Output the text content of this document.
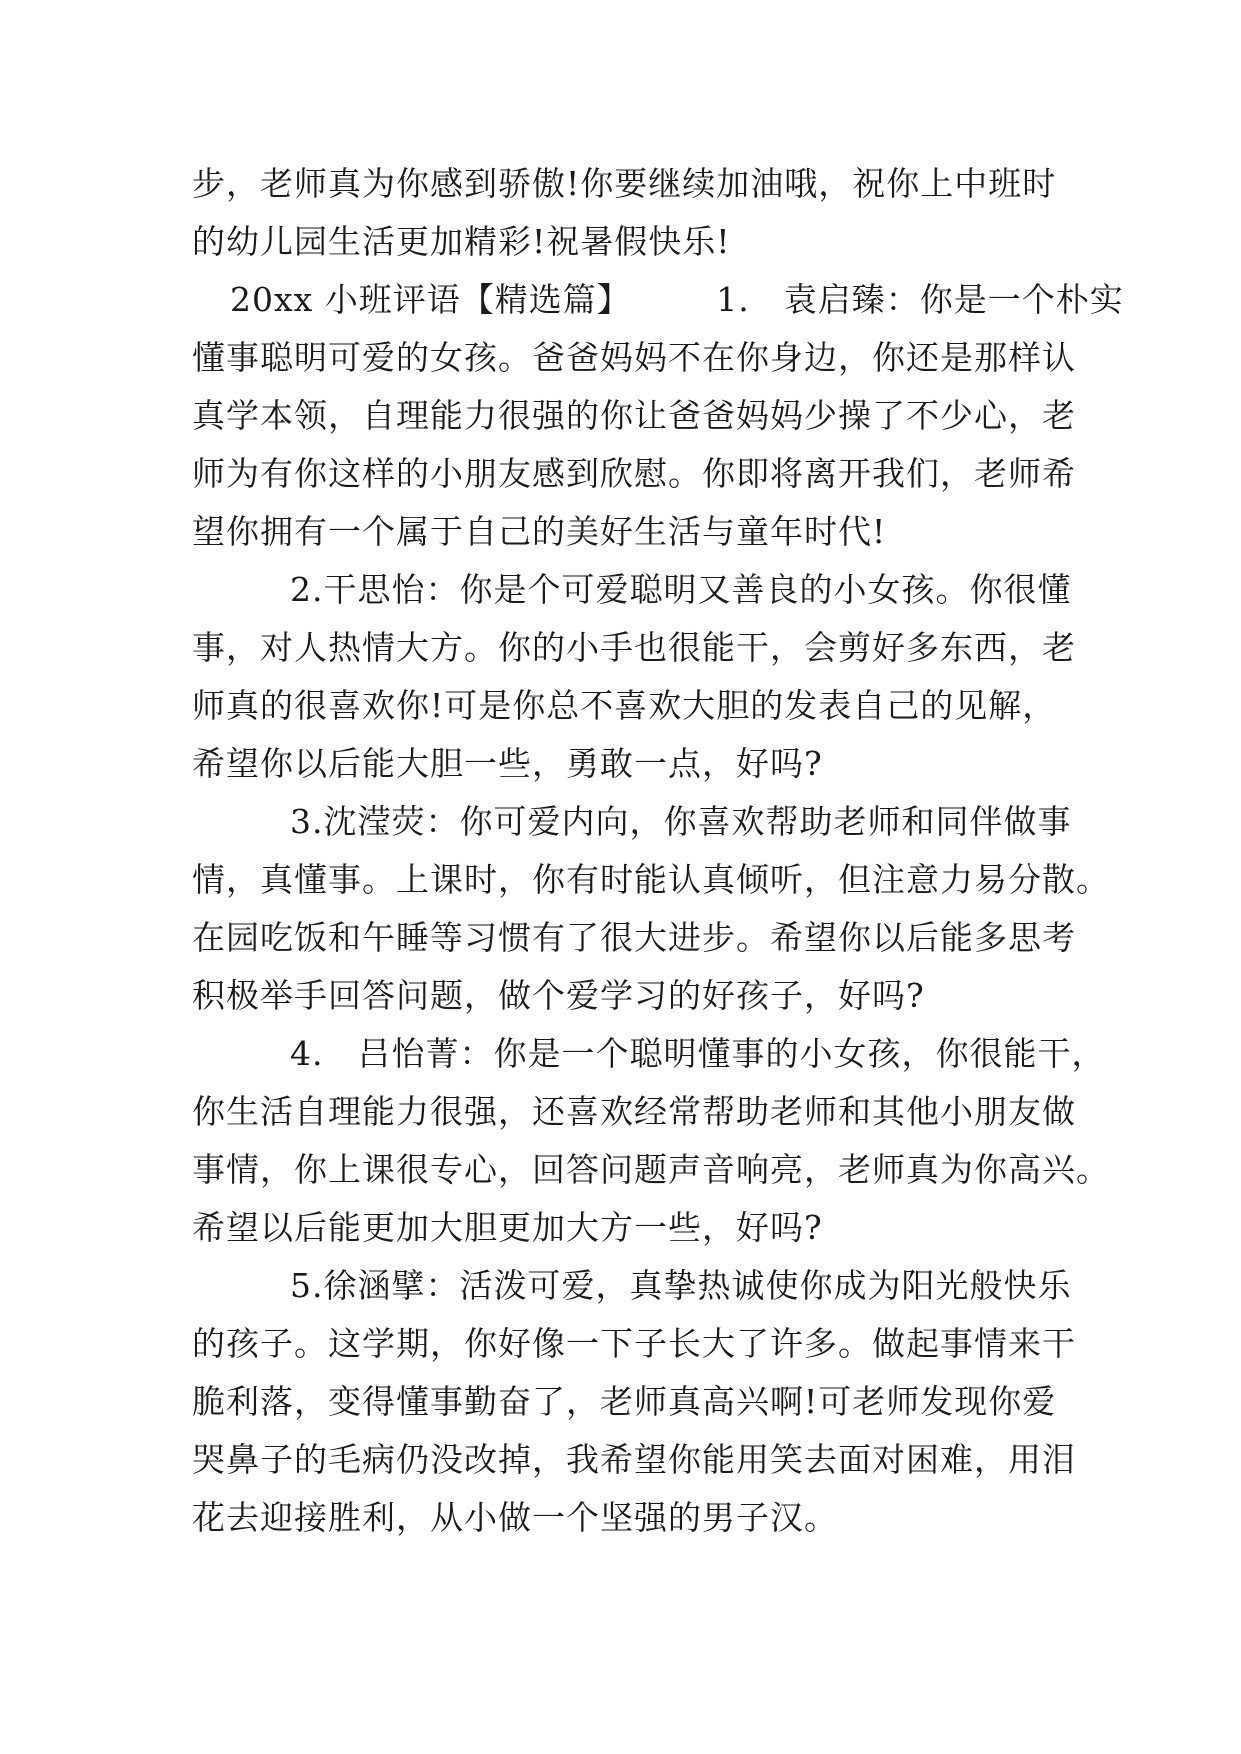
步，老师真为你感到骄傲!你要继续加油哦，祝你上中班时
的幼儿园生活更加精彩!祝暑假快乐!
20xx 小班评语【精选篇】　　　1.　袁启臻：你是一个朴实
懂事聪明可爱的女孩。爸爸妈妈不在你身边，你还是那样认
真学本领，自理能力很强的你让爸爸妈妈少操了不少心，老
师为有你这样的小朋友感到欣慰。你即将离开我们，老师希
望你拥有一个属于自己的美好生活与童年时代!
2.干思怡：你是个可爱聪明又善良的小女孩。你很懂
事，对人热情大方。你的小手也很能干，会剪好多东西，老
师真的很喜欢你!可是你总不喜欢大胆的发表自己的见解，
希望你以后能大胆一些，勇敢一点，好吗?
3.沈滢荧：你可爱内向，你喜欢帮助老师和同伴做事
情，真懂事。上课时，你有时能认真倾听，但注意力易分散。
在园吃饭和午睡等习惯有了很大进步。希望你以后能多思考
积极举手回答问题，做个爱学习的好孩子，好吗?
4.　吕怡菁：你是一个聪明懂事的小女孩，你很能干，
你生活自理能力很强，还喜欢经常帮助老师和其他小朋友做
事情，你上课很专心，回答问题声音响亮，老师真为你高兴。
希望以后能更加大胆更加大方一些，好吗?
5.徐涵擘：活泼可爱，真挚热诚使你成为阳光般快乐
的孩子。这学期，你好像一下子长大了许多。做起事情来干
脆利落，变得懂事勤奋了，老师真高兴啊!可老师发现你爱
哭鼻子的毛病仍没改掉，我希望你能用笑去面对困难，用泪
花去迎接胜利，从小做一个坚强的男子汉。
